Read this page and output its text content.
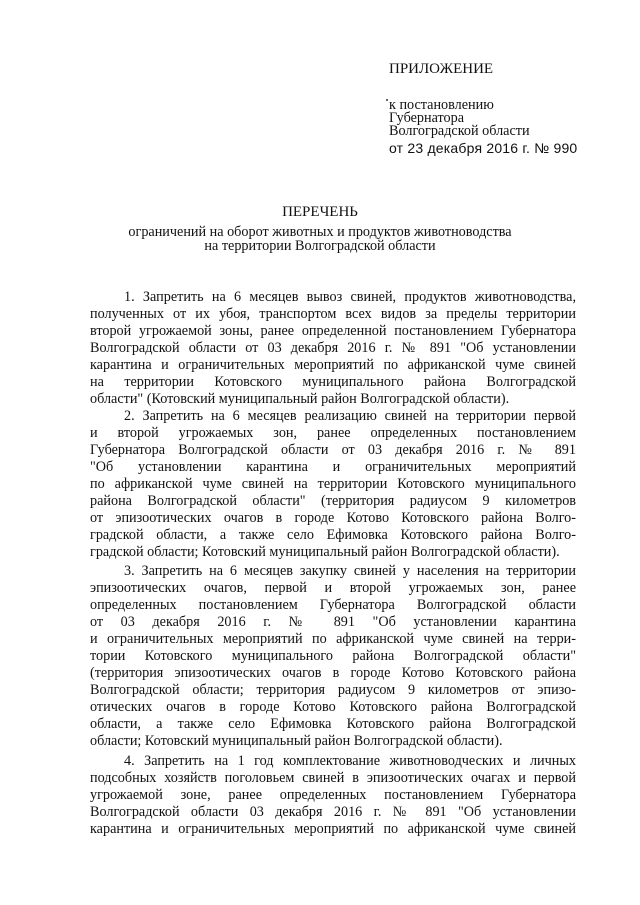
ПРИЛОЖЕНИЕ
к постановлению
Губернатора
Волгоградской области
от 23 декабря 2016 г. № 990
ПЕРЕЧЕНЬ
ограничений на оборот животных и продуктов животноводства
на территории Волгоградской области
1. Запретить на 6 месяцев вывоз свиней, продуктов животноводства,
полученных от их убоя, транспортом всех видов за пределы территории
второй угрожаемой зоны, ранее определенной постановлением Губернатора
Волгоградской области от 03 декабря 2016 г. № 891 "Об установлении
карантина и ограничительных мероприятий по африканской чуме свиней
на территории Котовского муниципального района Волгоградской
области" (Котовский муниципальный район Волгоградской области).
2. Запретить на 6 месяцев реализацию свиней на территории первой
и второй угрожаемых зон, ранее определенных постановлением
Губернатора Волгоградской области от 03 декабря 2016 г. № 891
"Об установлении карантина и ограничительных мероприятий
по африканской чуме свиней на территории Котовского муниципального
района Волгоградской области" (территория радиусом 9 километров
от эпизоотических очагов в городе Котово Котовского района Волго-
градской области, а также село Ефимовка Котовского района Волго-
градской области; Котовский муниципальный район Волгоградской области).
3. Запретить на 6 месяцев закупку свиней у населения на территории
эпизоотических очагов, первой и второй угрожаемых зон, ранее
определенных постановлением Губернатора Волгоградской области
от 03 декабря 2016 г. № 891 "Об установлении карантина
и ограничительных мероприятий по африканской чуме свиней на терри-
тории Котовского муниципального района Волгоградской области"
(территория эпизоотических очагов в городе Котово Котовского района
Волгоградской области; территория радиусом 9 километров от эпизо-
отических очагов в городе Котово Котовского района Волгоградской
области, а также село Ефимовка Котовского района Волгоградской
области; Котовский муниципальный район Волгоградской области).
4. Запретить на 1 год комплектование животноводческих и личных
подсобных хозяйств поголовьем свиней в эпизоотических очагах и первой
угрожаемой зоне, ранее определенных постановлением Губернатора
Волгоградской области 03 декабря 2016 г. № 891 "Об установлении
карантина и ограничительных мероприятий по африканской чуме свиней
